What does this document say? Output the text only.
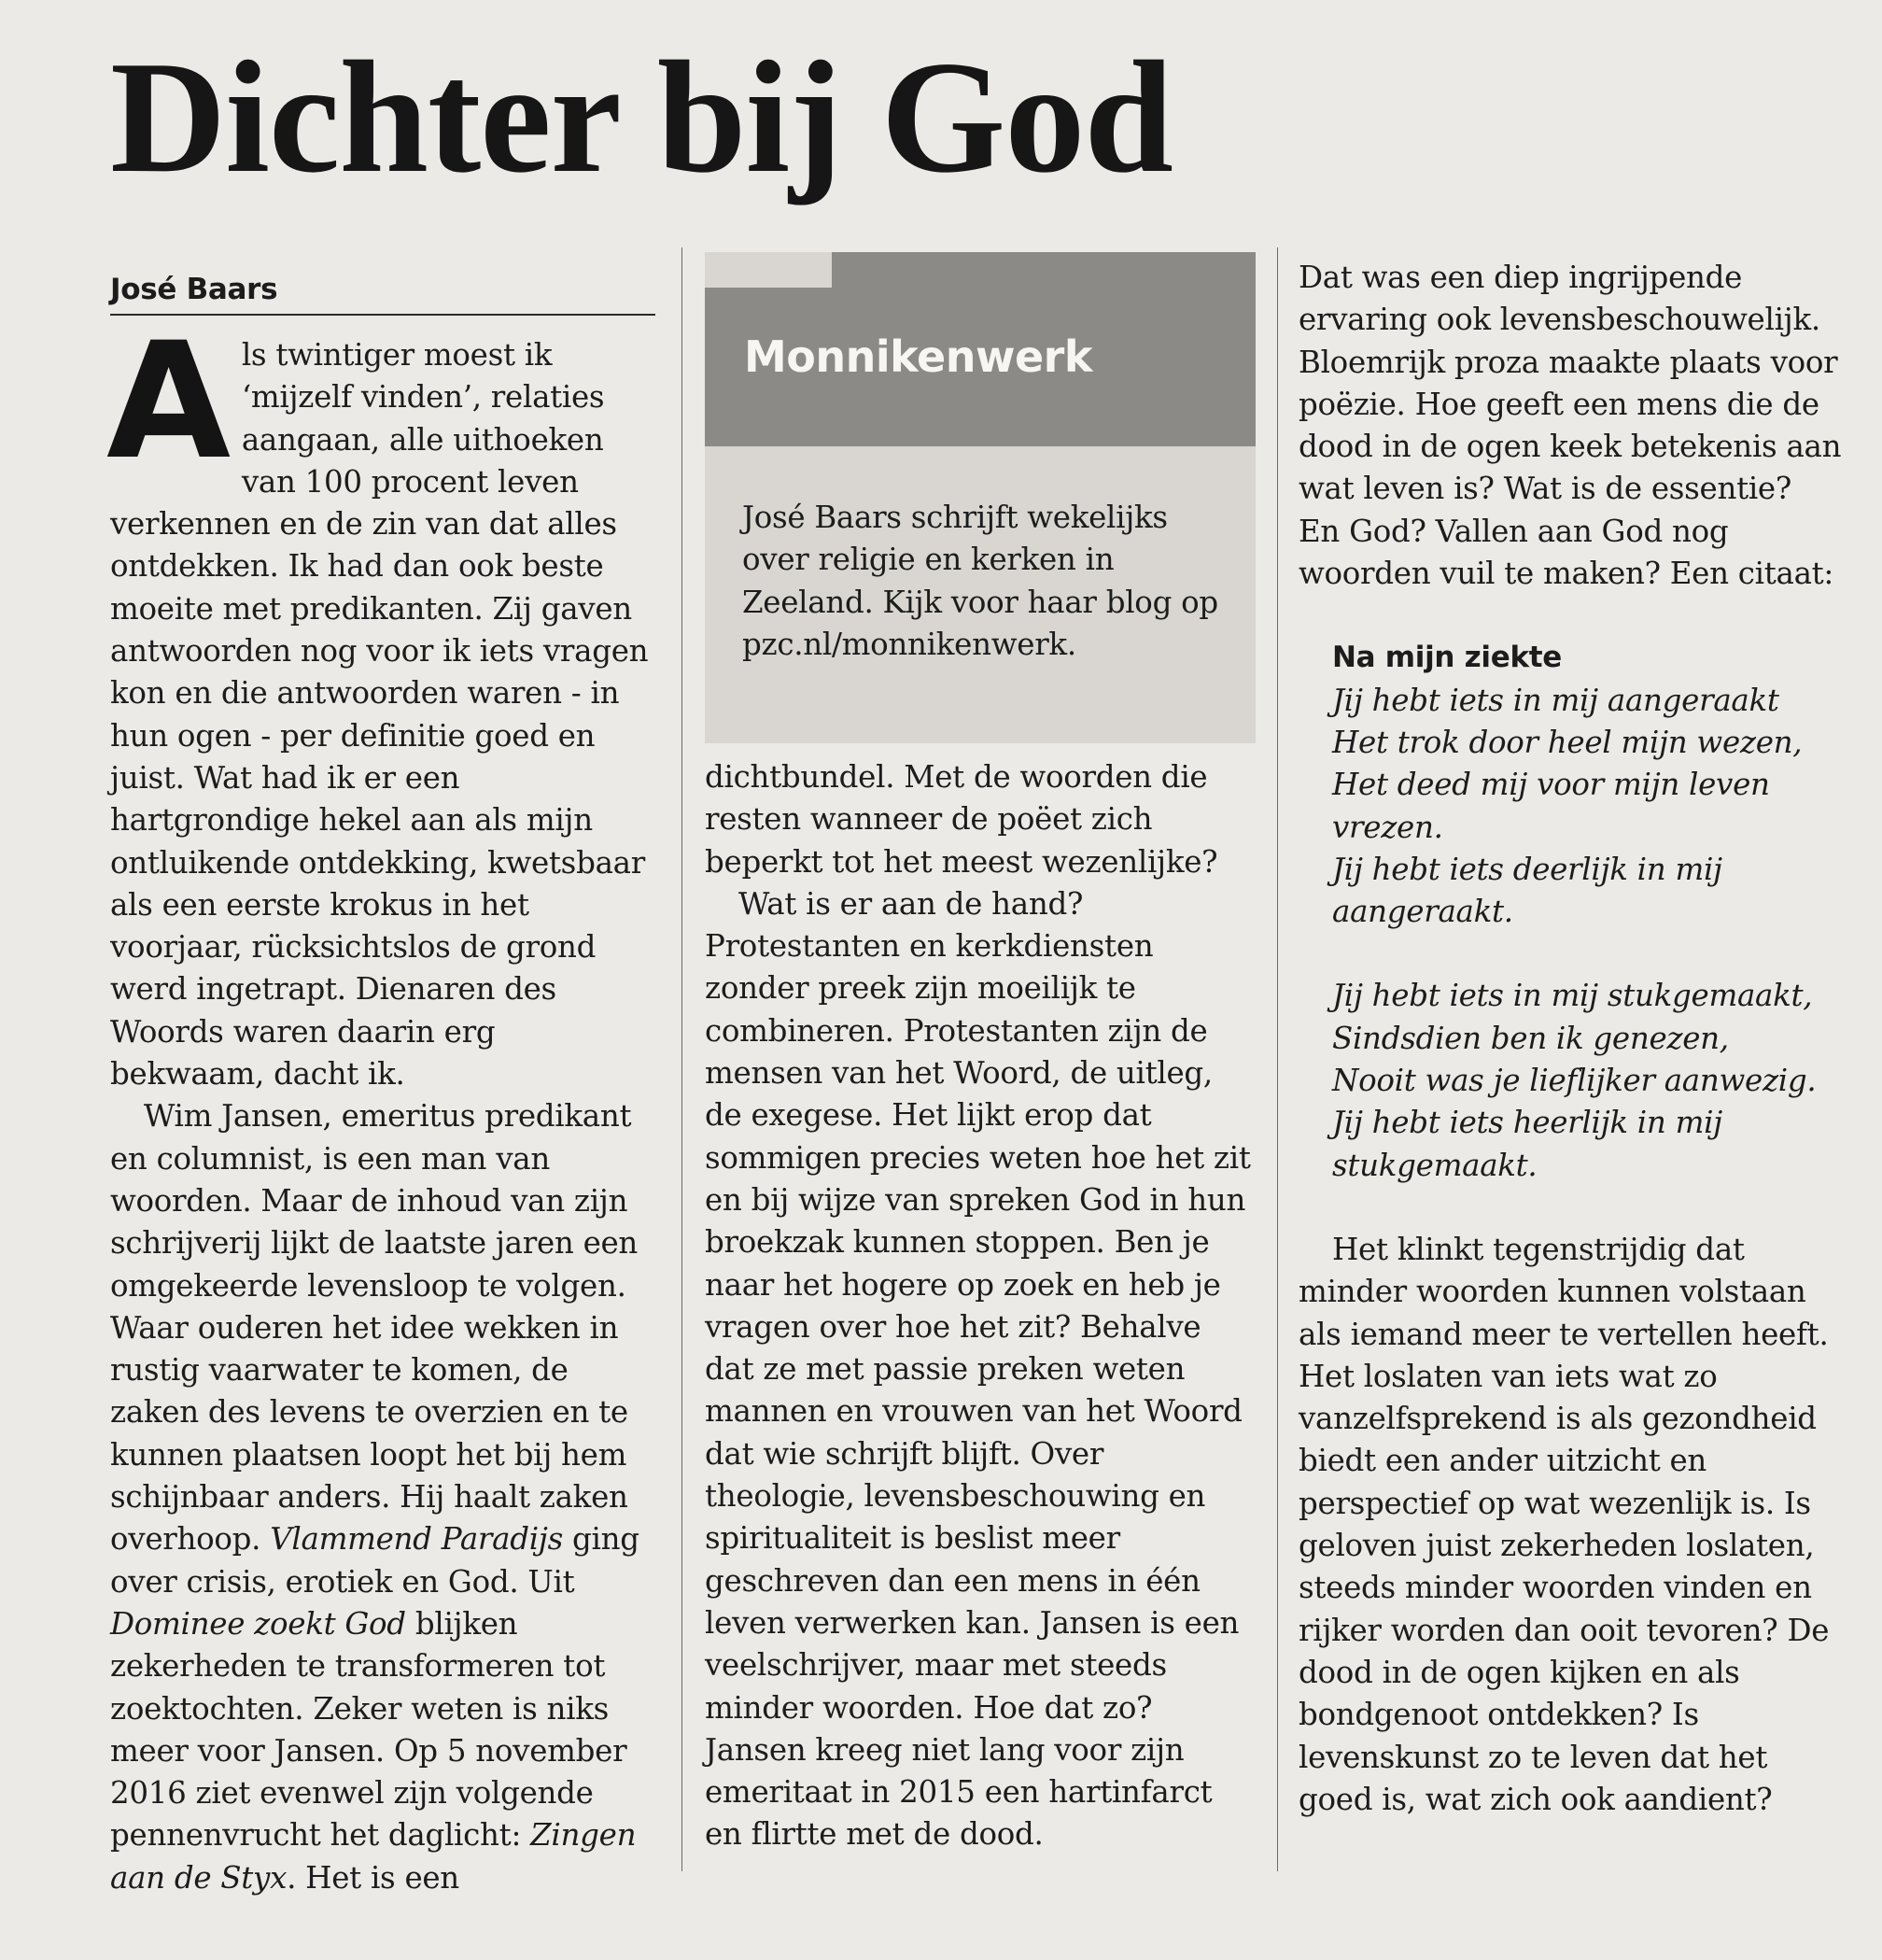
Dichter bij God
José Baars

Als twintiger moest ik ‘mijzelf vinden’, relaties aangaan, alle uithoeken van 100 procent leven verkennen en de zin van dat alles ontdekken. Ik had dan ook beste moeite met predikanten. Zij gaven antwoorden nog voor ik iets vragen kon en die antwoorden waren - in hun ogen - per definitie goed en juist. Wat had ik er een hartgrondige hekel aan als mijn ontluikende ontdekking, kwetsbaar als een eerste krokus in het voorjaar, rücksichtslos de grond werd ingetrapt. Dienaren des Woords waren daarin erg bekwaam, dacht ik.

Wim Jansen, emeritus predikant en columnist, is een man van woorden. Maar de inhoud van zijn schrijverij lijkt de laatste jaren een omgekeerde levensloop te volgen. Waar ouderen het idee wekken in rustig vaarwater te komen, de zaken des levens te overzien en te kunnen plaatsen loopt het bij hem schijnbaar anders. Hij haalt zaken overhoop. Vlammend Paradijs ging over crisis, erotiek en God. Uit Dominee zoekt God blijken zekerheden te transformeren tot zoektochten. Zeker weten is niks meer voor Jansen. Op 5 november 2016 ziet evenwel zijn volgende pennenvrucht het daglicht: Zingen aan de Styx. Het is een

Monnikenwerk
José Baars schrijft wekelijks over religie en kerken in Zeeland. Kijk voor haar blog op pzc.nl/monnikenwerk.

dichtbundel. Met de woorden die resten wanneer de poëet zich beperkt tot het meest wezenlijke?

Wat is er aan de hand? Protestanten en kerkdiensten zonder preek zijn moeilijk te combineren. Protestanten zijn de mensen van het Woord, de uitleg, de exegese. Het lijkt erop dat sommigen precies weten hoe het zit en bij wijze van spreken God in hun broekzak kunnen stoppen. Ben je naar het hogere op zoek en heb je vragen over hoe het zit? Behalve dat ze met passie preken weten mannen en vrouwen van het Woord dat wie schrijft blijft. Over theologie, levensbeschouwing en spiritualiteit is beslist meer geschreven dan een mens in één leven verwerken kan. Jansen is een veelschrijver, maar met steeds minder woorden. Hoe dat zo? Jansen kreeg niet lang voor zijn emeritaat in 2015 een hartinfarct en flirtte met de dood.

Dat was een diep ingrijpende ervaring ook levensbeschouwelijk. Bloemrijk proza maakte plaats voor poëzie. Hoe geeft een mens die de dood in de ogen keek betekenis aan wat leven is? Wat is de essentie? En God? Vallen aan God nog woorden vuil te maken? Een citaat:

Na mijn ziekte

Jij hebt iets in mij aangeraakt

Het trok door heel mijn wezen,

Het deed mij voor mijn leven vrezen.

Jij hebt iets deerlijk in mij aangeraakt.

Jij hebt iets in mij stukgemaakt,

Sindsdien ben ik genezen,

Nooit was je lieflijker aanwezig.

Jij hebt iets heerlijk in mij stukgemaakt.

Het klinkt tegenstrijdig dat minder woorden kunnen volstaan als iemand meer te vertellen heeft. Het loslaten van iets wat zo vanzelfsprekend is als gezondheid biedt een ander uitzicht en perspectief op wat wezenlijk is. Is geloven juist zekerheden loslaten, steeds minder woorden vinden en rijker worden dan ooit tevoren? De dood in de ogen kijken en als bondgenoot ontdekken? Is levenskunst zo te leven dat het goed is, wat zich ook aandient?
